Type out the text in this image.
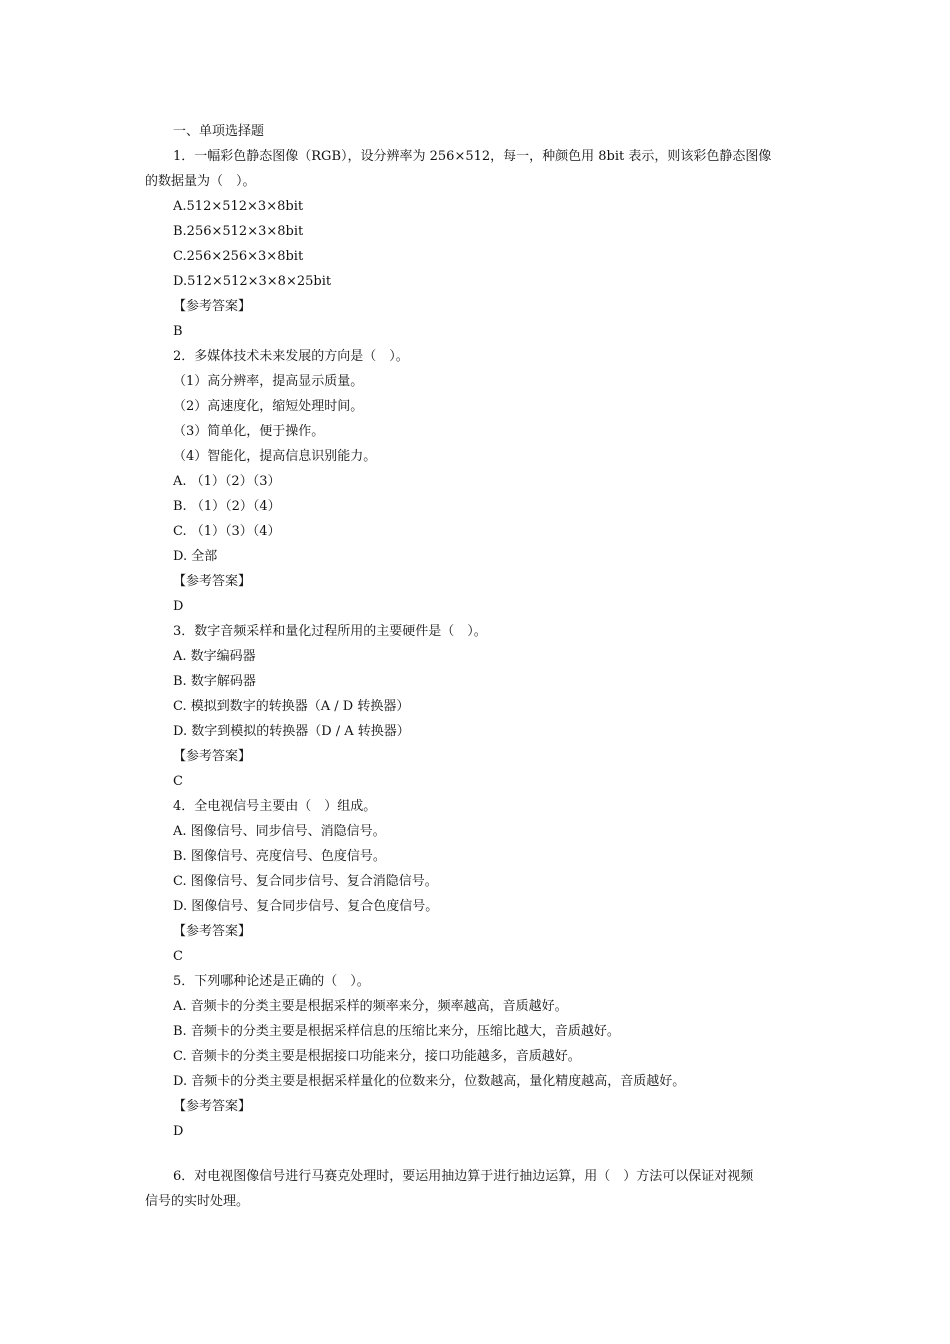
一、单项选择题
1．一幅彩色静态图像（RGB），设分辨率为 256×512，每一，种颜色用 8bit 表示，则该彩色静态图像
的数据量为（　）。
A.512×512×3×8bit
B.256×512×3×8bit
C.256×256×3×8bit
D.512×512×3×8×25bit
【参考答案】
B
2．多媒体技术未来发展的方向是（　）。
（1）高分辨率，提高显示质量。
（2）高速度化，缩短处理时间。
（3）简单化，便于操作。
（4）智能化，提高信息识别能力。
A. （1）（2）（3）
B. （1）（2）（4）
C. （1）（3）（4）
D. 全部
【参考答案】
D
3．数字音频采样和量化过程所用的主要硬件是（　）。
A. 数字编码器
B. 数字解码器
C. 模拟到数字的转换器（A / D 转换器）
D. 数字到模拟的转换器（D / A 转换器）
【参考答案】
C
4．全电视信号主要由（　）组成。
A. 图像信号、同步信号、消隐信号。
B. 图像信号、亮度信号、色度信号。
C. 图像信号、复合同步信号、复合消隐信号。
D. 图像信号、复合同步信号、复合色度信号。
【参考答案】
C
5．下列哪种论述是正确的（　）。
A. 音频卡的分类主要是根据采样的频率来分，频率越高，音质越好。
B. 音频卡的分类主要是根据采样信息的压缩比来分，压缩比越大，音质越好。
C. 音频卡的分类主要是根据接口功能来分，接口功能越多，音质越好。
D. 音频卡的分类主要是根据采样量化的位数来分，位数越高，量化精度越高，音质越好。
【参考答案】
D
6．对电视图像信号进行马赛克处理时，要运用抽边算于进行抽边运算，用（　）方法可以保证对视频
信号的实时处理。
